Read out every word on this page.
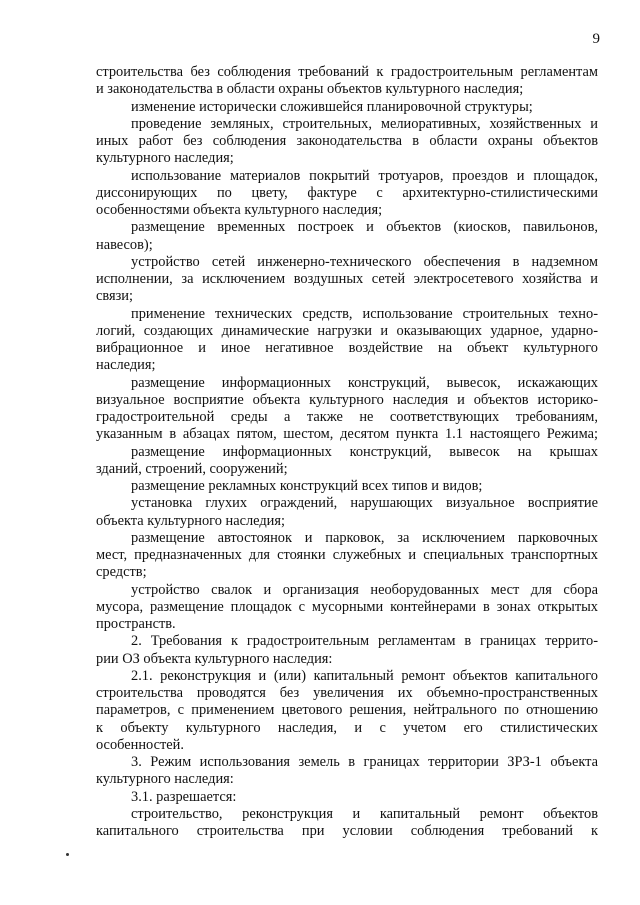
9
строительства без соблюдения требований к градостроительным регламентам
и законодательства в области охраны объектов культурного наследия;
изменение исторически сложившейся планировочной структуры;
проведение земляных, строительных, мелиоративных, хозяйственных и
иных работ без соблюдения законодательства в области охраны объектов
культурного наследия;
использование материалов покрытий тротуаров, проездов и площадок,
диссонирующих по цвету, фактуре с архитектурно-стилистическими
особенностями объекта культурного наследия;
размещение временных построек и объектов (киосков, павильонов,
навесов);
устройство сетей инженерно-технического обеспечения в надземном
исполнении, за исключением воздушных сетей электросетевого хозяйства и
связи;
применение технических средств, использование строительных техно-
логий, создающих динамические нагрузки и оказывающих ударное, ударно-
вибрационное и иное негативное воздействие на объект культурного
наследия;
размещение информационных конструкций, вывесок, искажающих
визуальное восприятие объекта культурного наследия и объектов историко-
градостроительной среды а также не соответствующих требованиям,
указанным в абзацах пятом, шестом, десятом пункта 1.1 настоящего Режима;
размещение информационных конструкций, вывесок на крышах
зданий, строений, сооружений;
размещение рекламных конструкций всех типов и видов;
установка глухих ограждений, нарушающих визуальное восприятие
объекта культурного наследия;
размещение автостоянок и парковок, за исключением парковочных
мест, предназначенных для стоянки служебных и специальных транспортных
средств;
устройство свалок и организация необорудованных мест для сбора
мусора, размещение площадок с мусорными контейнерами в зонах открытых
пространств.
2. Требования к градостроительным регламентам в границах террито-
рии ОЗ объекта культурного наследия:
2.1. реконструкция и (или) капитальный ремонт объектов капитального
строительства проводятся без увеличения их объемно-пространственных
параметров, с применением цветового решения, нейтрального по отношению
к объекту культурного наследия, и с учетом его стилистических
особенностей.
3. Режим использования земель в границах территории ЗРЗ-1 объекта
культурного наследия:
3.1. разрешается:
строительство, реконструкция и капитальный ремонт объектов
капитального строительства при условии соблюдения требований к
